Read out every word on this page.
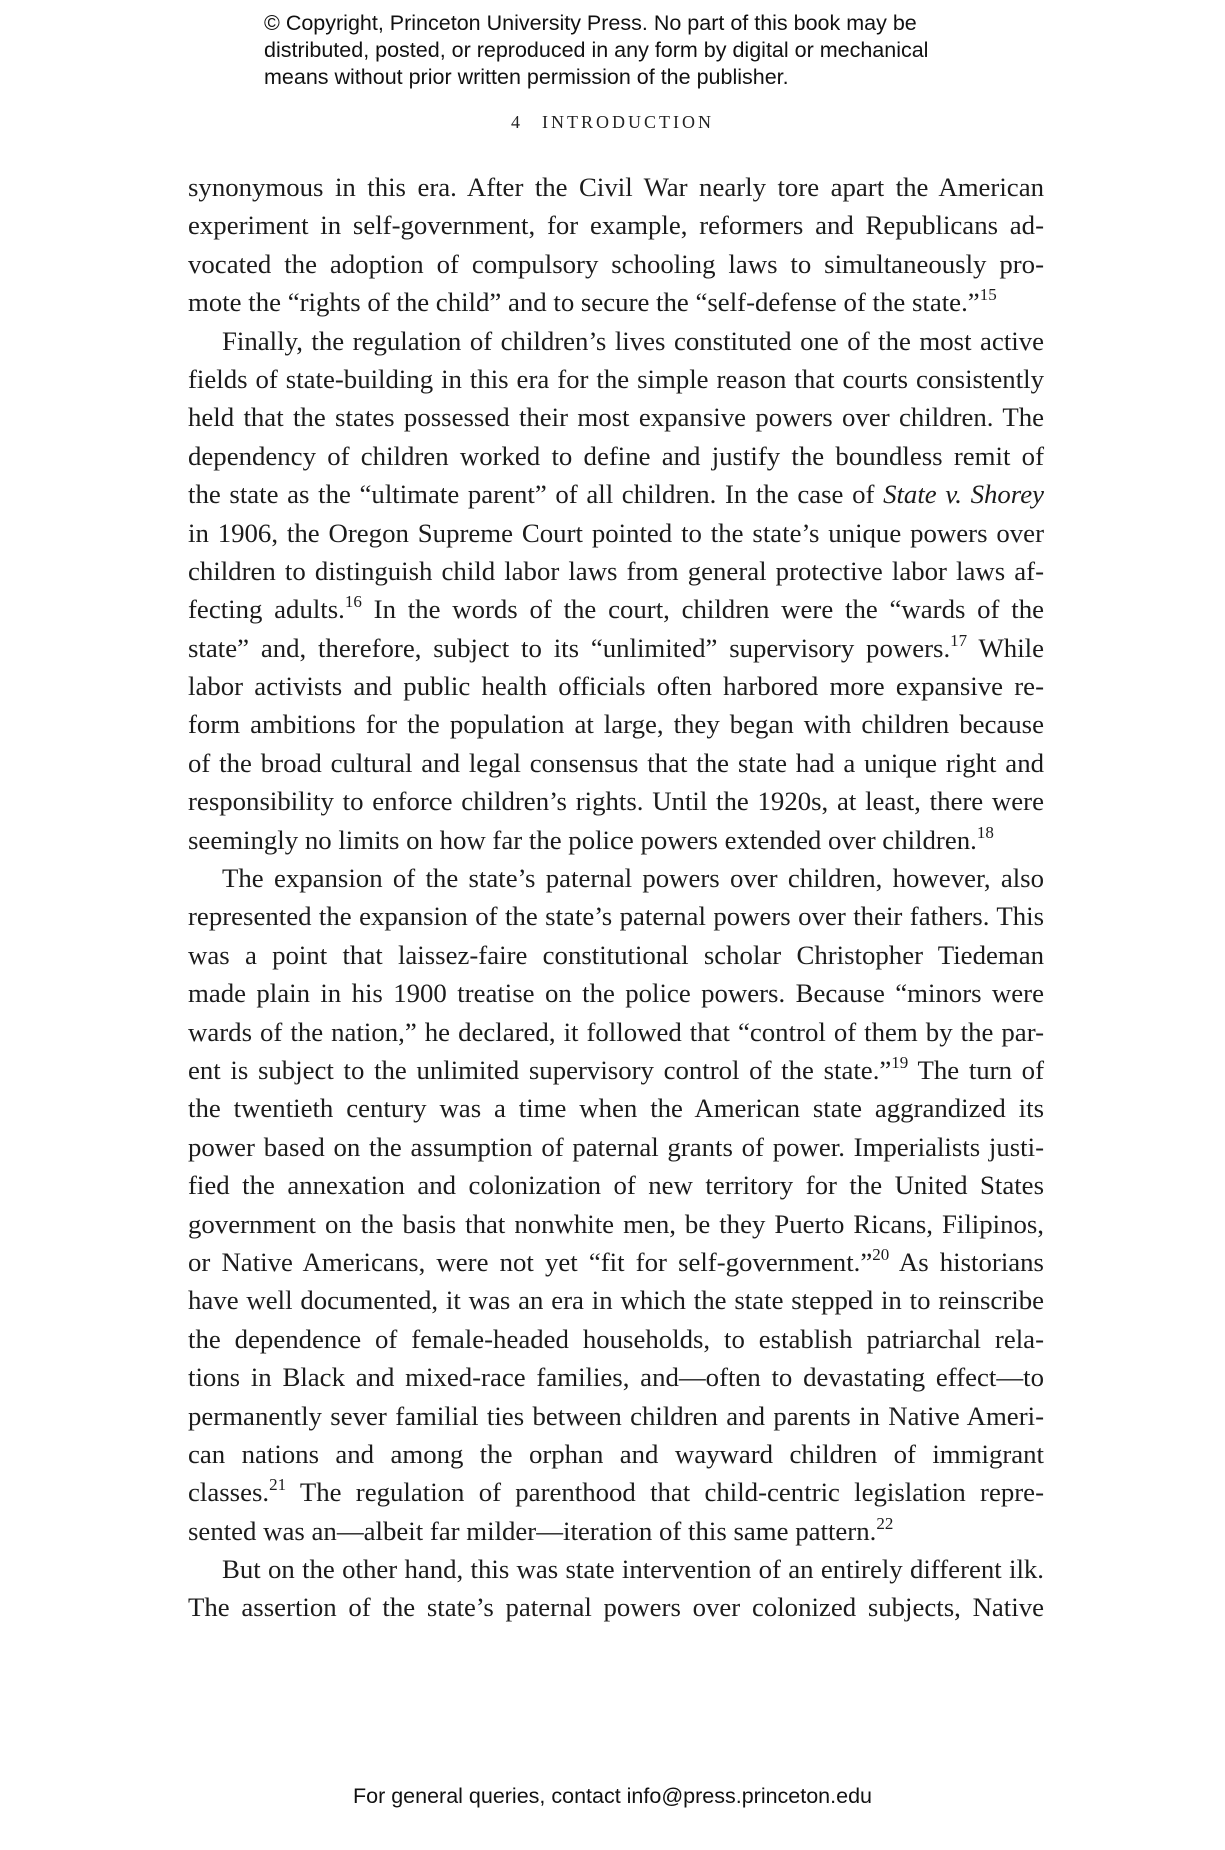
© Copyright, Princeton University Press. No part of this book may be
distributed, posted, or reproduced in any form by digital or mechanical
means without prior written permission of the publisher.
4 INTRODUCTION
synonymous in this era. After the Civil War nearly tore apart the American
experiment in self-government, for example, reformers and Republicans ad-
vocated the adoption of compulsory schooling laws to simultaneously pro-
mote the “rights of the child” and to secure the “self-defense of the state.”$^{15}$
Finally, the regulation of children’s lives constituted one of the most active
fields of state-building in this era for the simple reason that courts consistently
held that the states possessed their most expansive powers over children. The
dependency of children worked to define and justify the boundless remit of
the state as the “ultimate parent” of all children. In the case of State v. Shorey
in 1906, the Oregon Supreme Court pointed to the state’s unique powers over
children to distinguish child labor laws from general protective labor laws af-
fecting adults.$^{16}$ In the words of the court, children were the “wards of the
state” and, therefore, subject to its “unlimited” supervisory powers.$^{17}$ While
labor activists and public health officials often harbored more expansive re-
form ambitions for the population at large, they began with children because
of the broad cultural and legal consensus that the state had a unique right and
responsibility to enforce children’s rights. Until the 1920s, at least, there were
seemingly no limits on how far the police powers extended over children.$^{18}$
The expansion of the state’s paternal powers over children, however, also
represented the expansion of the state’s paternal powers over their fathers. This
was a point that laissez-faire constitutional scholar Christopher Tiedeman
made plain in his 1900 treatise on the police powers. Because “minors were
wards of the nation,” he declared, it followed that “control of them by the par-
ent is subject to the unlimited supervisory control of the state.”$^{19}$ The turn of
the twentieth century was a time when the American state aggrandized its
power based on the assumption of paternal grants of power. Imperialists justi-
fied the annexation and colonization of new territory for the United States
government on the basis that nonwhite men, be they Puerto Ricans, Filipinos,
or Native Americans, were not yet “fit for self-government.”$^{20}$ As historians
have well documented, it was an era in which the state stepped in to reinscribe
the dependence of female-headed households, to establish patriarchal rela-
tions in Black and mixed-race families, and—often to devastating effect—to
permanently sever familial ties between children and parents in Native Ameri-
can nations and among the orphan and wayward children of immigrant
classes.$^{21}$ The regulation of parenthood that child-centric legislation repre-
sented was an—albeit far milder—iteration of this same pattern.$^{22}$
But on the other hand, this was state intervention of an entirely different ilk.
The assertion of the state’s paternal powers over colonized subjects, Native
For general queries, contact info@press.princeton.edu
